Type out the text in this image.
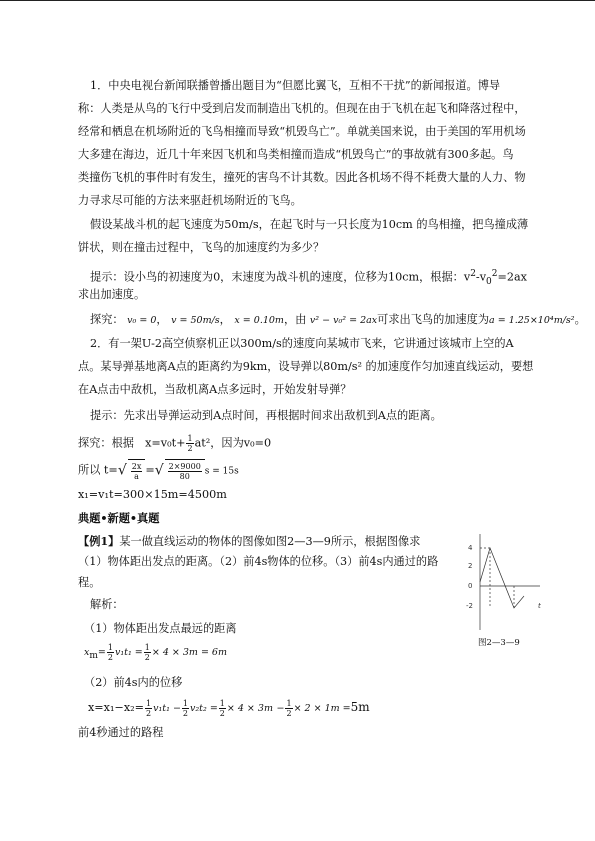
1．中央电视台新闻联播曾播出题目为“但愿比翼飞，互相不干扰”的新闻报道。博导
称：人类是从鸟的飞行中受到启发而制造出飞机的。但现在由于飞机在起飞和降落过程中，
经常和栖息在机场附近的飞鸟相撞而导致“机毁鸟亡”。单就美国来说，由于美国的军用机场
大多建在海边，近几十年来因飞机和鸟类相撞而造成“机毁鸟亡”的事故就有300多起。鸟
类撞伤飞机的事件时有发生，撞死的害鸟不计其数。因此各机场不得不耗费大量的人力、物
力寻求尽可能的方法来驱赶机场附近的飞鸟。
假设某战斗机的起飞速度为50m/s，在起飞时与一只长度为10cm 的鸟相撞，把鸟撞成薄
饼状，则在撞击过程中，飞鸟的加速度约为多少？
提示：设小鸟的初速度为0，末速度为战斗机的速度，位移为10cm，根据：$v^2-v_0^2=2ax$
求出加速度。
探究： v₀ = 0， v = 50m/s， x = 0.10m，由 v² − v₀² = 2ax可求出飞鸟的加速度为a = 1.25×10⁴m/s²。
2．有一架U-2高空侦察机正以300m/s的速度向某城市飞来，它讲通过该城市上空的A
点。某导弹基地离A点的距离约为9km，设导弹以80m/s² 的加速度作匀加速直线运动，要想
在A点击中敌机，当敌机离A点多远时，开始发射导弹？
提示：先求出导弹运动到A点时间，再根据时间求出敌机到A点的距离。
探究：根据　$x=v_0t+ \frac{1}{2} at^2$，因为v₀=0
所以 $t=√ \frac{2x}{a}$ =√ $\frac{2\times 9000}{80}$ s = 15s
x₁=v₁t=300×15m=4500m
典题•新题•真题
【例1】某一做直线运动的物体的图像如图2—3—9所示，根据图像求
（1）物体距出发点的距离。（2）前4s物体的位移。（3）前4s内通过的路
程。
解析：
（1）物体距出发点最远的距离
$x_m= \frac{1}{2} v_1t_1 = \frac{1}{2} \times 4 \times 3m = 6m$
（2）前4s内的位移
$x=x_1-x_2= \frac{1}{2} v_1t_1 - \frac{1}{2} v_2t_2 = \frac{1}{2} \times 4 \times 3m - \frac{1}{2} \times 2 \times 1m =5m$
前4秒通过的路程
4
2
0
-2	t
图2—3—9
